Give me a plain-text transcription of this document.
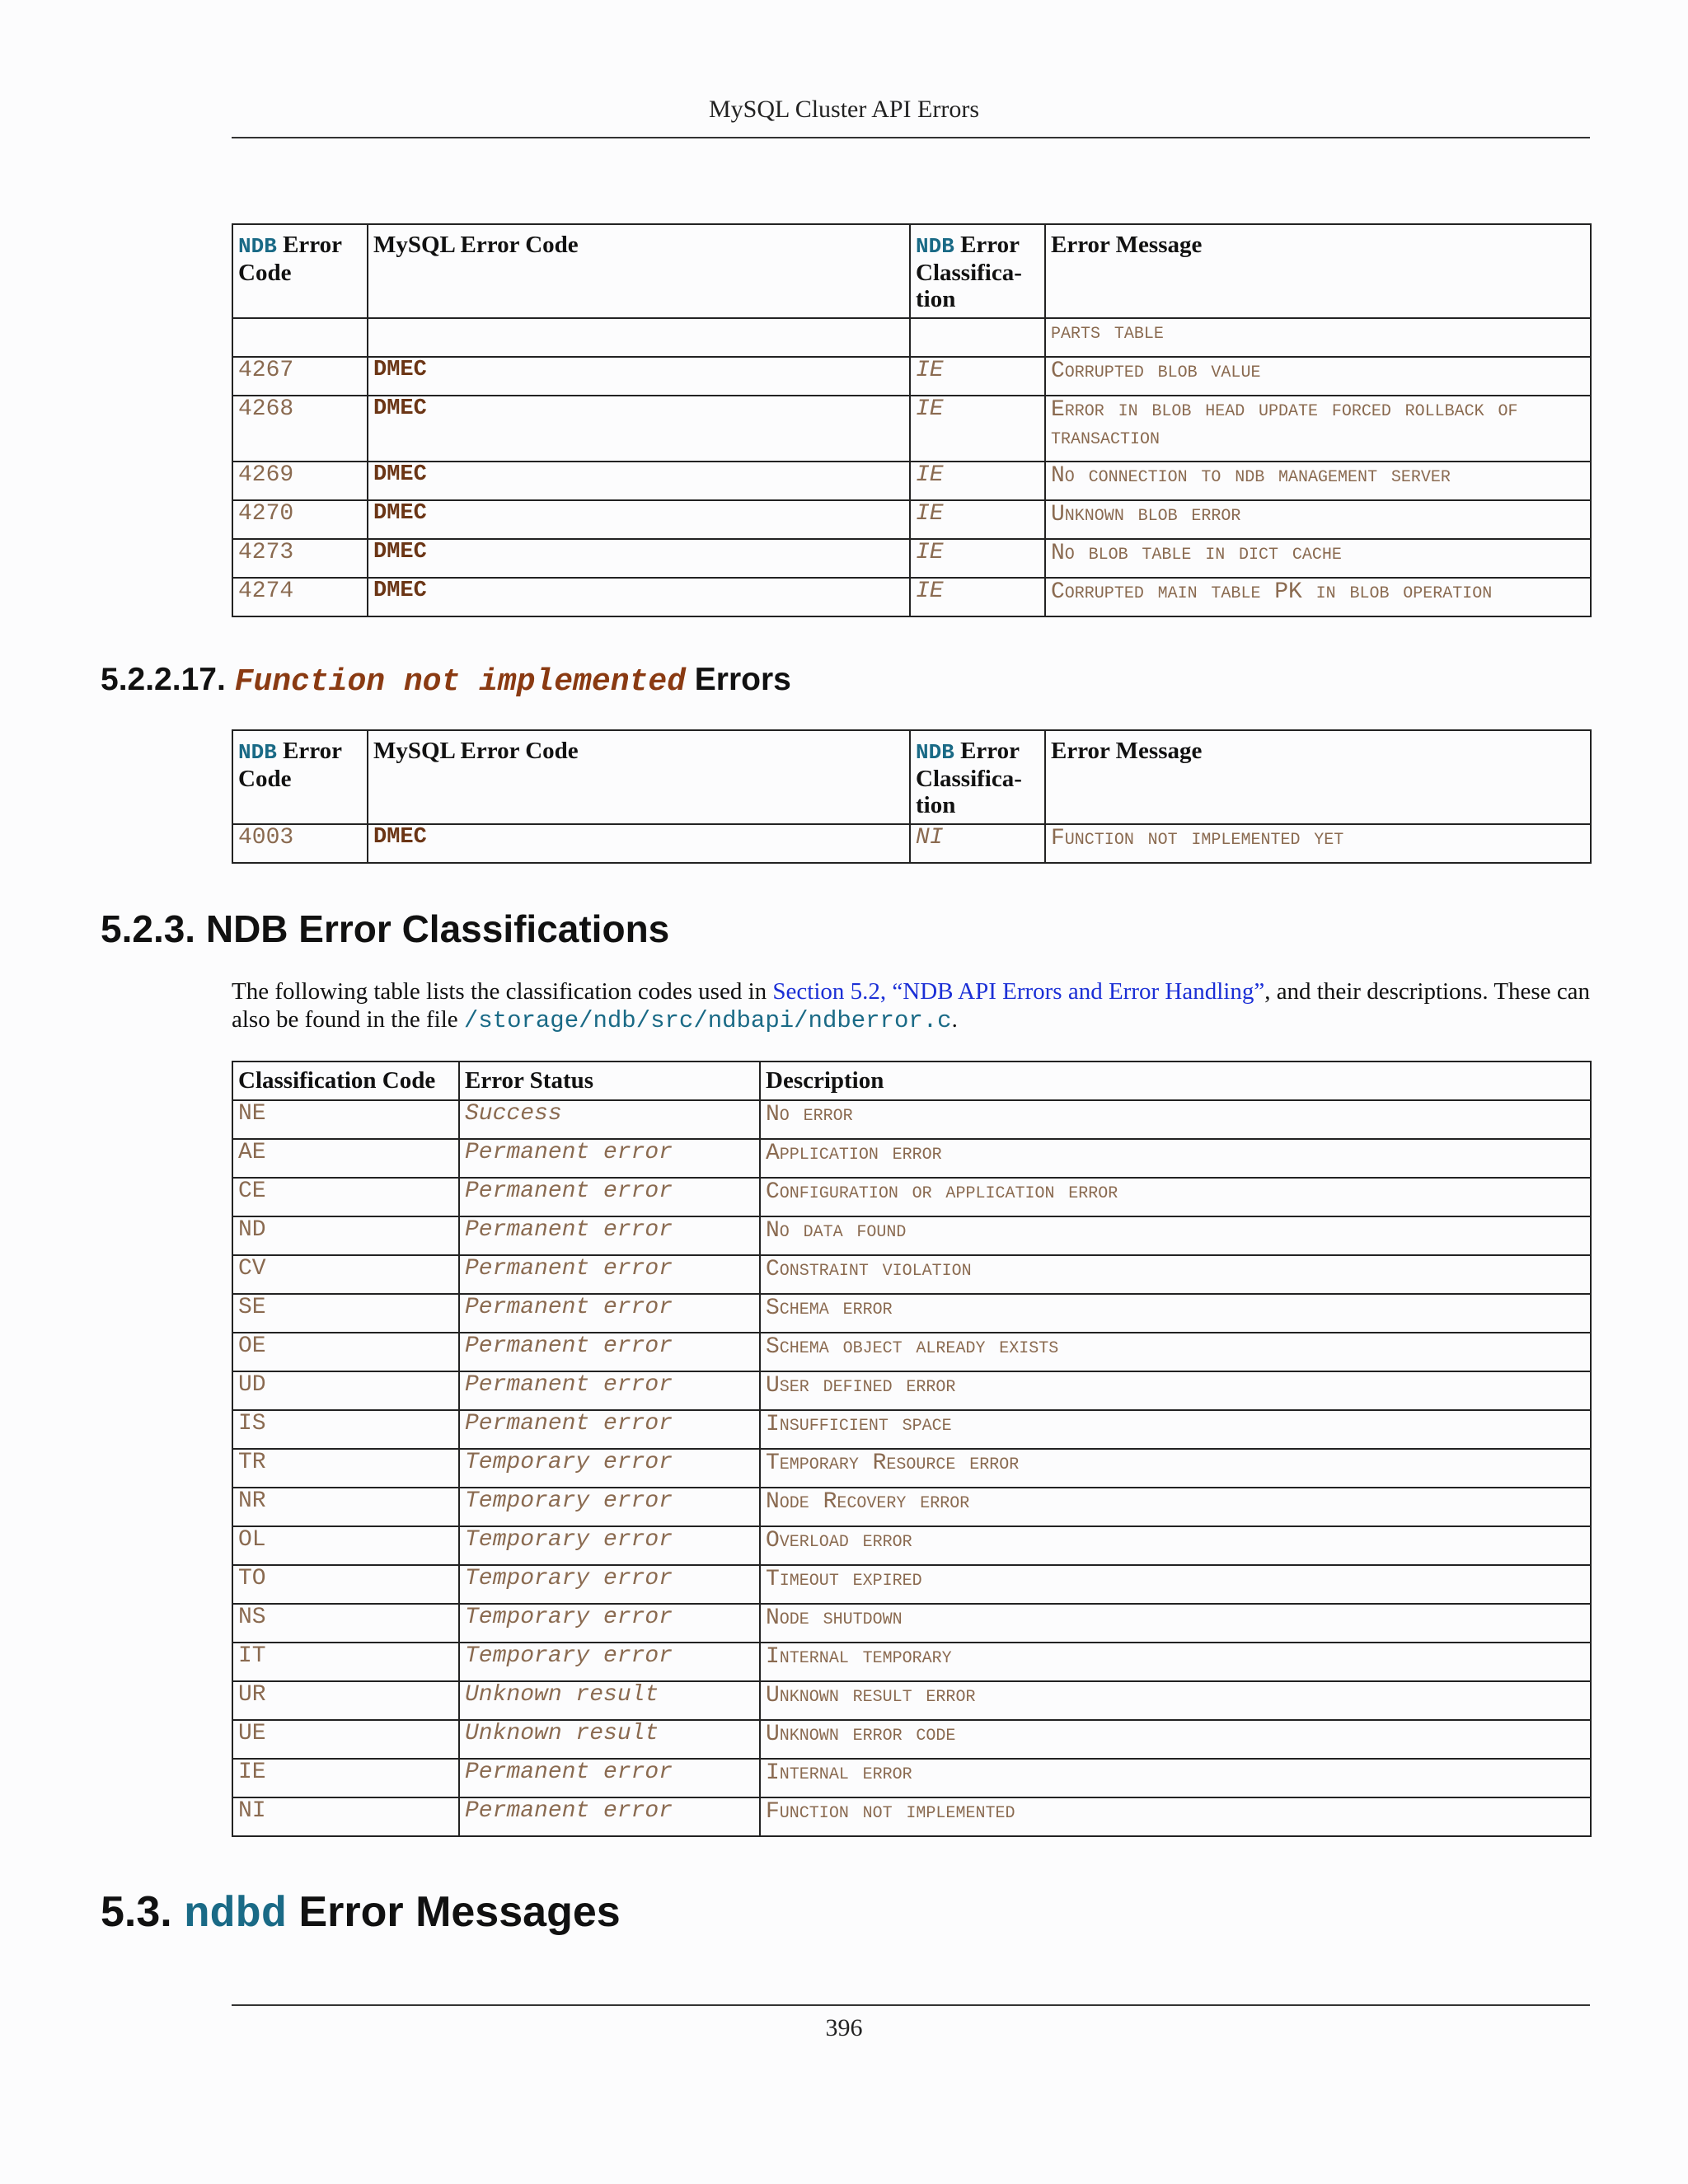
MySQL Cluster API Errors
NDB Error Code	MySQL Error Code	NDB Error Classifica-tion	Error Message
			parts table
4267	DMEC	IE	Corrupted blob value
4268	DMEC	IE	Error in blob head update forced rollback of transaction
4269	DMEC	IE	No connection to ndb management server
4270	DMEC	IE	Unknown blob error
4273	DMEC	IE	No blob table in dict cache
4274	DMEC	IE	Corrupted main table PK in blob operation
5.2.2.17. Function not implemented Errors
NDB Error Code	MySQL Error Code	NDB Error Classifica-tion	Error Message
4003	DMEC	NI	Function not implemented yet
5.2.3. NDB Error Classifications
The following table lists the classification codes used in Section 5.2, “NDB API Errors and Error Handling”, and their descriptions. These can also be found in the file /storage/ndb/src/ndbapi/ndberror.c.
Classification Code	Error Status	Description
NE	Success	No error
AE	Permanent error	Application error
CE	Permanent error	Configuration or application error
ND	Permanent error	No data found
CV	Permanent error	Constraint violation
SE	Permanent error	Schema error
OE	Permanent error	Schema object already exists
UD	Permanent error	User defined error
IS	Permanent error	Insufficient space
TR	Temporary error	Temporary Resource error
NR	Temporary error	Node Recovery error
OL	Temporary error	Overload error
TO	Temporary error	Timeout expired
NS	Temporary error	Node shutdown
IT	Temporary error	Internal temporary
UR	Unknown result	Unknown result error
UE	Unknown result	Unknown error code
IE	Permanent error	Internal error
NI	Permanent error	Function not implemented
5.3. ndbd Error Messages
396
